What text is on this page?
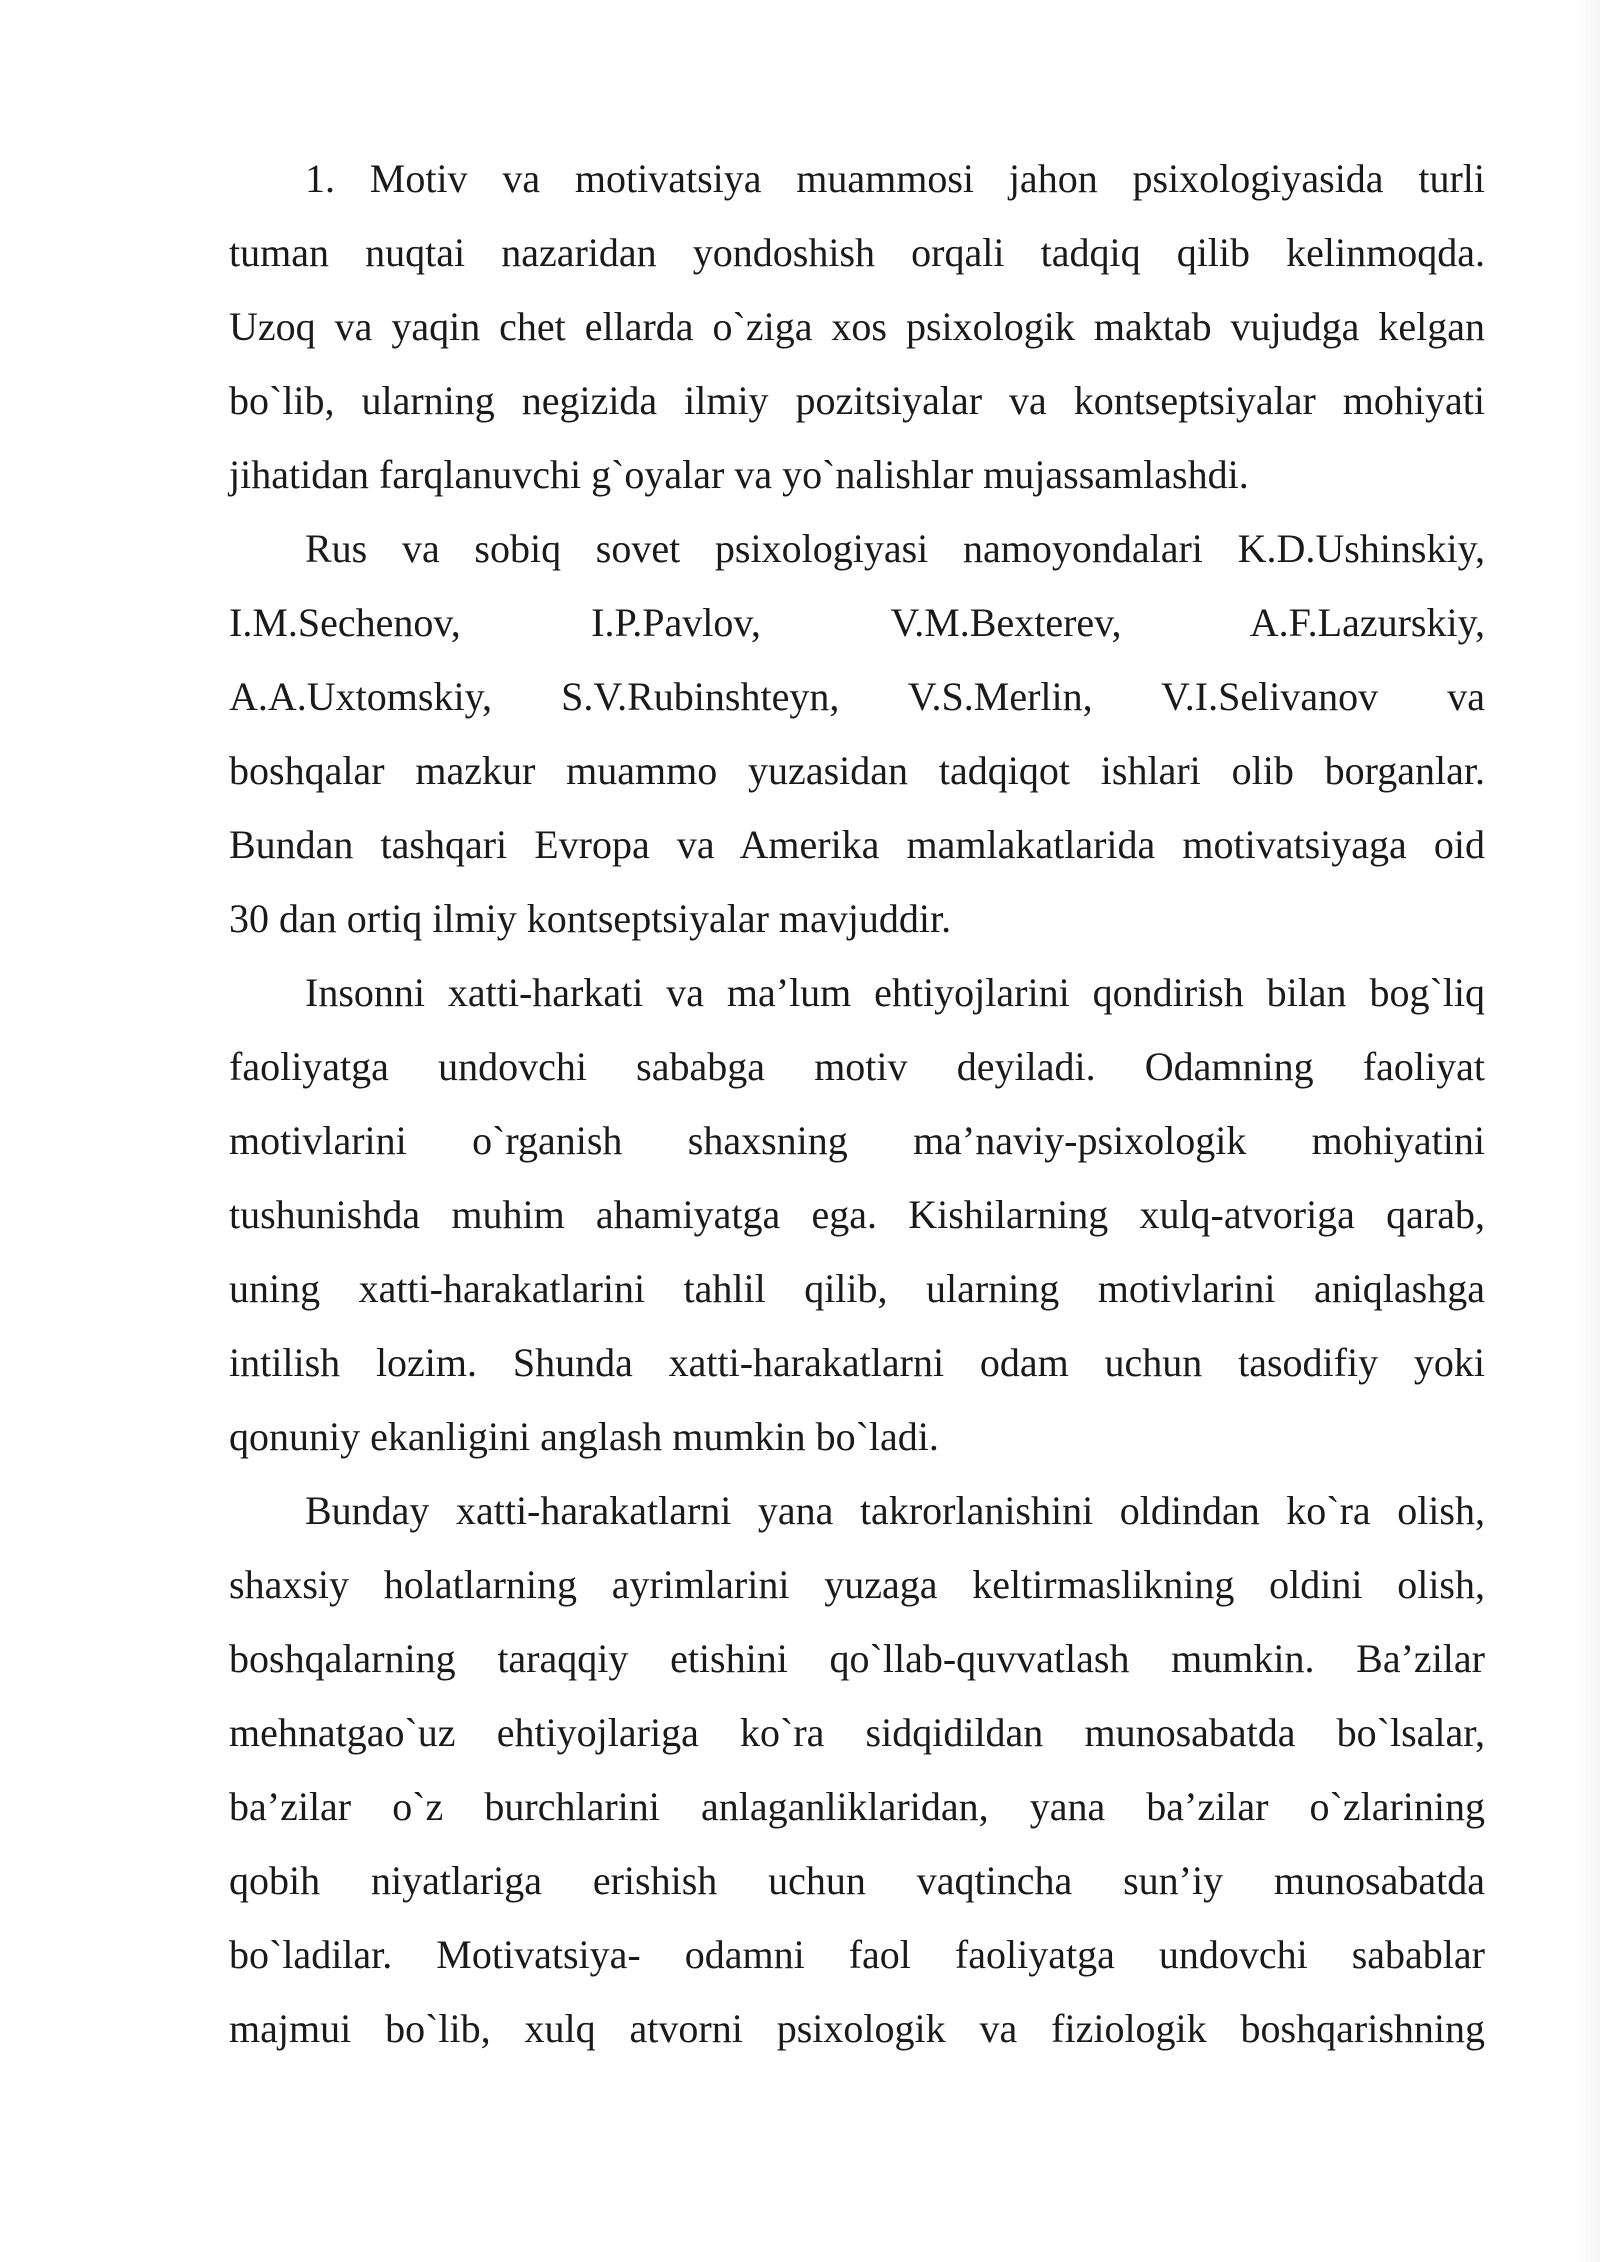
1. Motiv va motivatsiya muammosi jahon psixologiyasida turli
tuman nuqtai nazaridan yondoshish orqali tadqiq qilib kelinmoqda.
Uzoq va yaqin chet ellarda o`ziga xos psixologik maktab vujudga kelgan
bo`lib, ularning negizida ilmiy pozitsiyalar va kontseptsiyalar mohiyati
jihatidan farqlanuvchi g`oyalar va yo`nalishlar mujassamlashdi.
Rus va sobiq sovet psixologiyasi namoyondalari K.D.Ushinskiy,
I.M.Sechenov, I.P.Pavlov, V.M.Bexterev, A.F.Lazurskiy,
A.A.Uxtomskiy, S.V.Rubinshteyn, V.S.Merlin, V.I.Selivanov va
boshqalar mazkur muammo yuzasidan tadqiqot ishlari olib borganlar.
Bundan tashqari Evropa va Amerika mamlakatlarida motivatsiyaga oid
30 dan ortiq ilmiy kontseptsiyalar mavjuddir.
Insonni xatti-harkati va ma’lum ehtiyojlarini qondirish bilan bog`liq
faoliyatga undovchi sababga motiv deyiladi. Odamning faoliyat
motivlarini o`rganish shaxsning ma’naviy-psixologik mohiyatini
tushunishda muhim ahamiyatga ega. Kishilarning xulq-atvoriga qarab,
uning xatti-harakatlarini tahlil qilib, ularning motivlarini aniqlashga
intilish lozim. Shunda xatti-harakatlarni odam uchun tasodifiy yoki
qonuniy ekanligini anglash mumkin bo`ladi.
Bunday xatti-harakatlarni yana takrorlanishini oldindan ko`ra olish,
shaxsiy holatlarning ayrimlarini yuzaga keltirmaslikning oldini olish,
boshqalarning taraqqiy etishini qo`llab-quvvatlash mumkin. Ba’zilar
mehnatgao`uz ehtiyojlariga ko`ra sidqidildan munosabatda bo`lsalar,
ba’zilar o`z burchlarini anlaganliklaridan, yana ba’zilar o`zlarining
qobih niyatlariga erishish uchun vaqtincha sun’iy munosabatda
bo`ladilar. Motivatsiya- odamni faol faoliyatga undovchi sabablar
majmui bo`lib, xulq atvorni psixologik va fiziologik boshqarishning
